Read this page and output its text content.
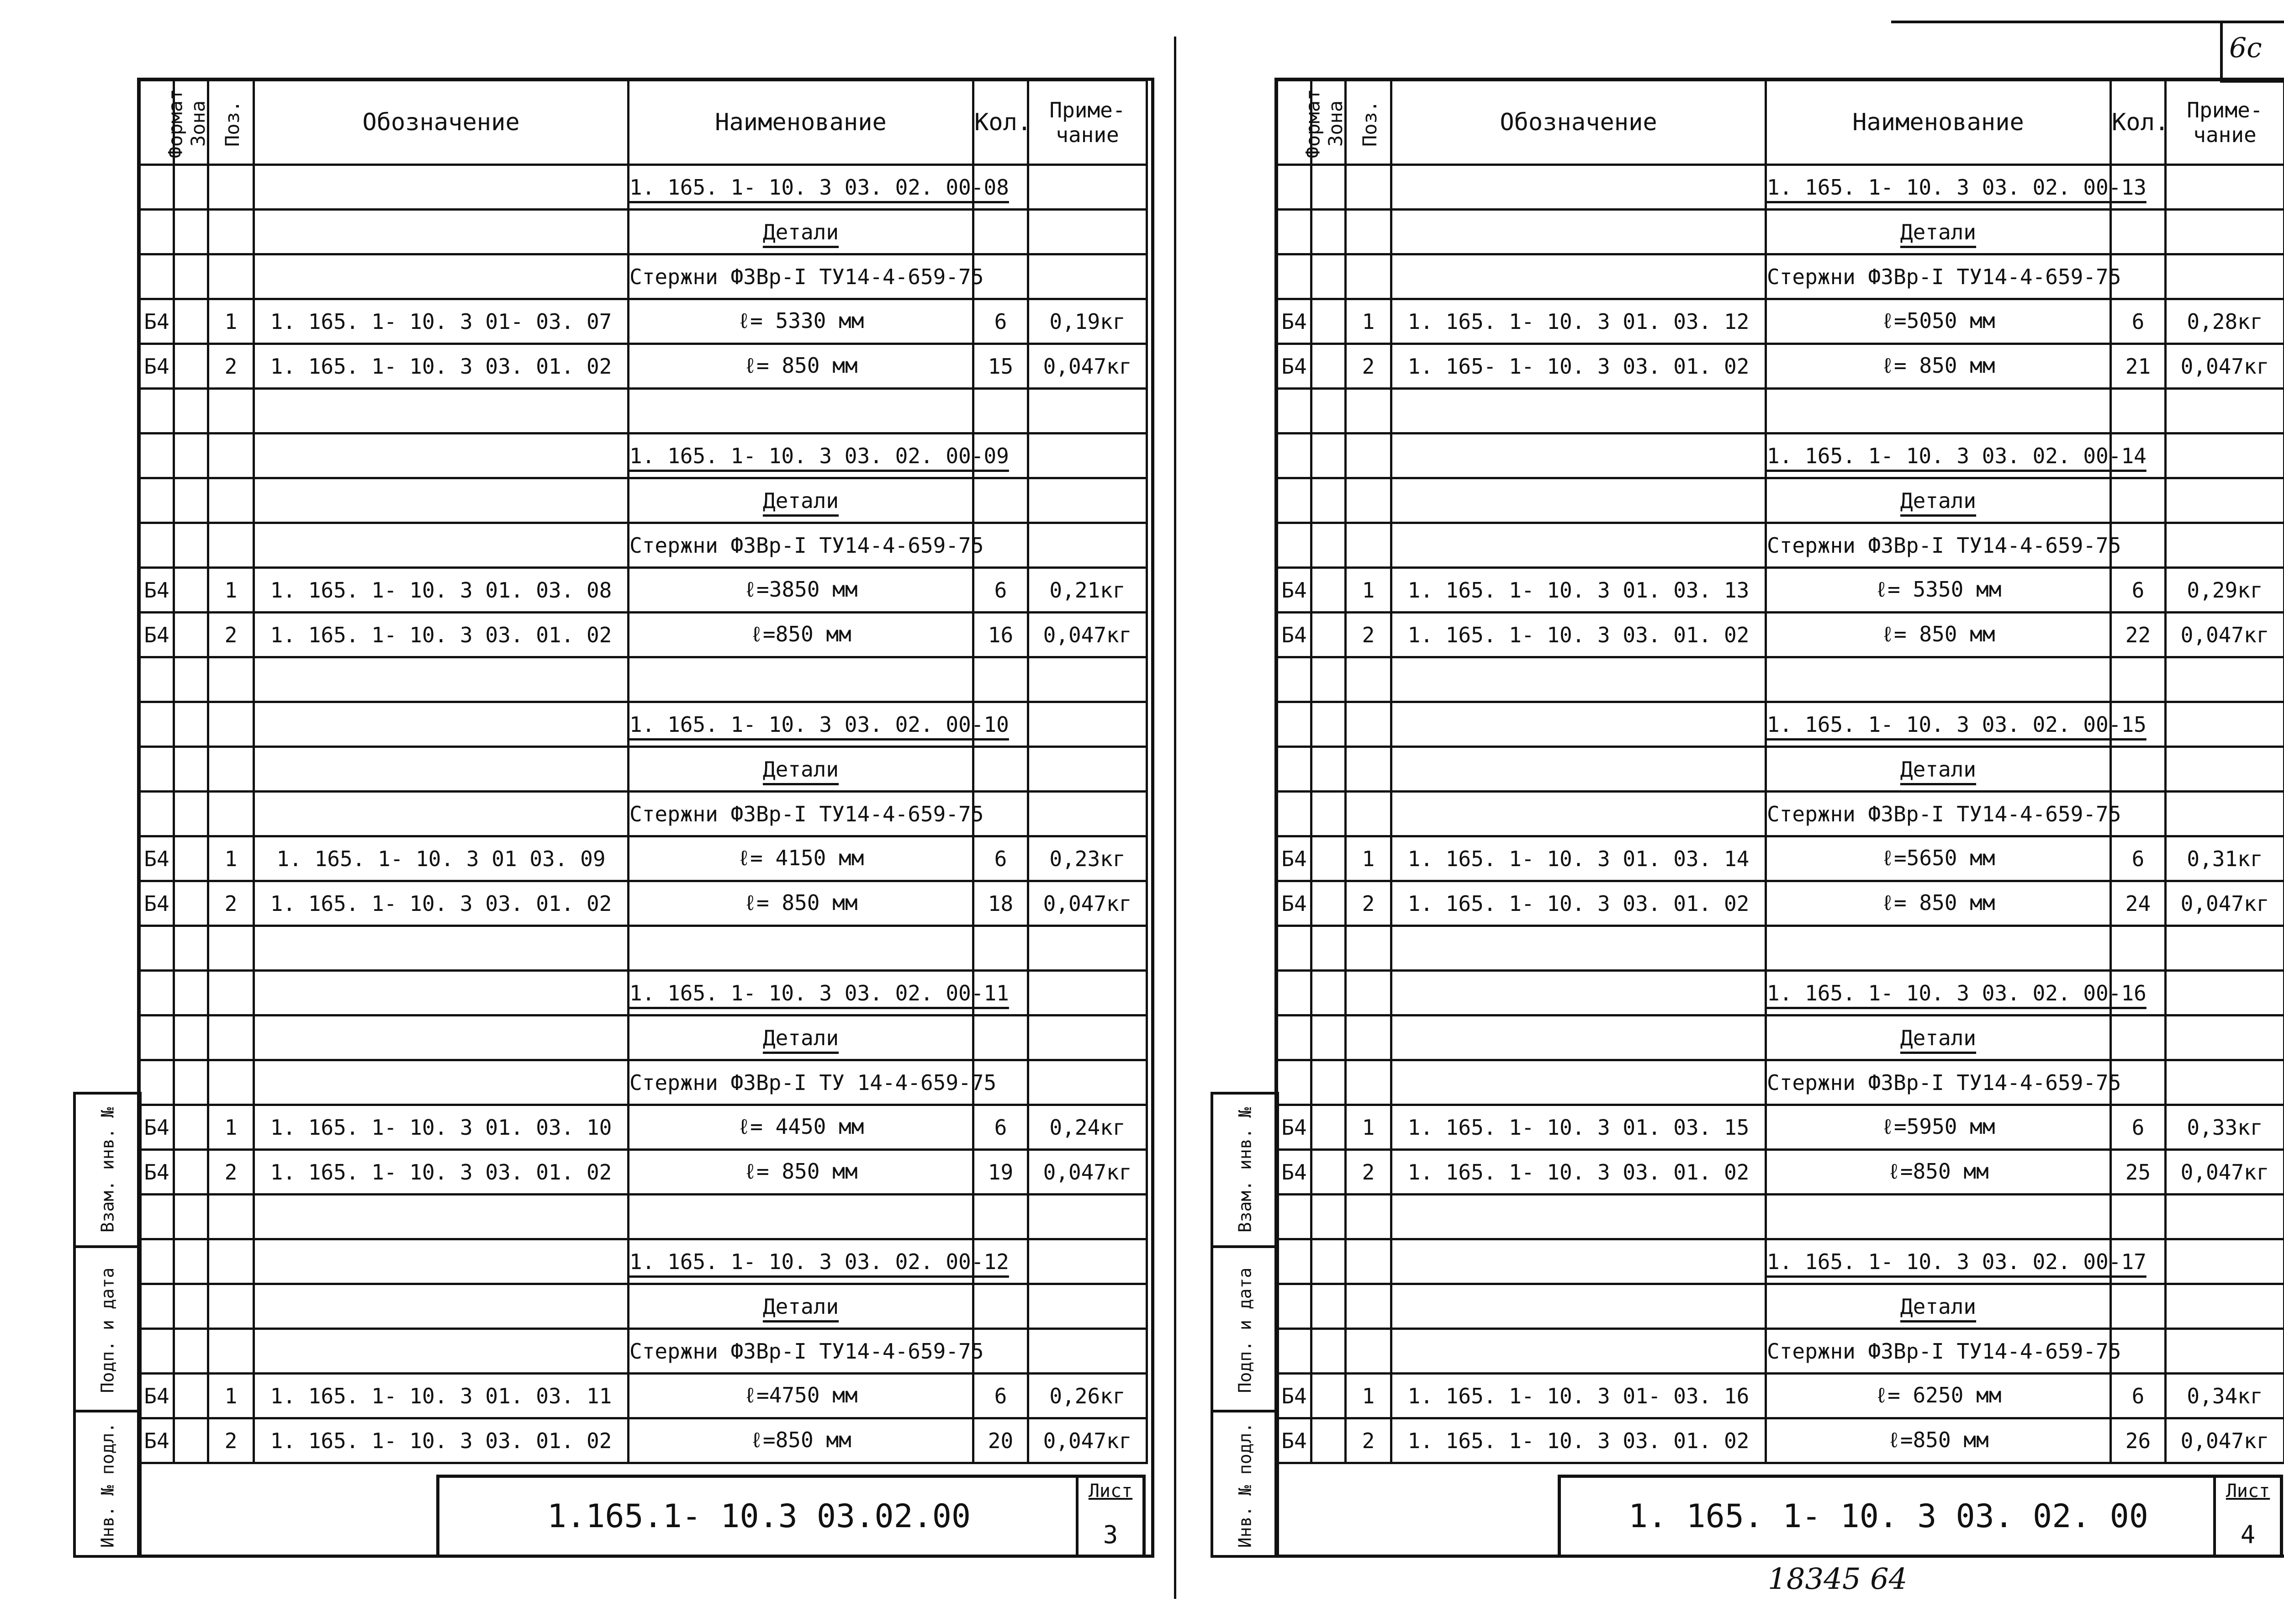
6с
Взам. инв. №
Подп. и дата
Инв. № подл.
Формат	Зона	Поз.	Обозначение	Наименование	Кол.	Приме-
чание
				1. 165. 1- 10. 3 03. 02. 00-08		
				Детали		
				Стержни Ф3Вр-I ТУ14-4-659-75		
Б4		1	1. 165. 1- 10. 3 01- 03. 07	ℓ= 5330 мм	6	0,19кг
Б4		2	1. 165. 1- 10. 3 03. 01. 02	ℓ= 850 мм	15	0,047кг

				1. 165. 1- 10. 3 03. 02. 00-09		
				Детали		
				Стержни Ф3Вр-I ТУ14-4-659-75		
Б4		1	1. 165. 1- 10. 3 01. 03. 08	ℓ=3850 мм	6	0,21кг
Б4		2	1. 165. 1- 10. 3 03. 01. 02	ℓ=850 мм	16	0,047кг

				1. 165. 1- 10. 3 03. 02. 00-10		
				Детали		
				Стержни Ф3Вр-I ТУ14-4-659-75		
Б4		1	1. 165. 1- 10. 3 01 03. 09	ℓ= 4150 мм	6	0,23кг
Б4		2	1. 165. 1- 10. 3 03. 01. 02	ℓ= 850 мм	18	0,047кг

				1. 165. 1- 10. 3 03. 02. 00-11		
				Детали		
				Стержни Ф3Вр-I ТУ 14-4-659-75		
Б4		1	1. 165. 1- 10. 3 01. 03. 10	ℓ= 4450 мм	6	0,24кг
Б4		2	1. 165. 1- 10. 3 03. 01. 02	ℓ= 850 мм	19	0,047кг

				1. 165. 1- 10. 3 03. 02. 00-12		
				Детали		
				Стержни Ф3Вр-I ТУ14-4-659-75		
Б4		1	1. 165. 1- 10. 3 01. 03. 11	ℓ=4750 мм	6	0,26кг
Б4		2	1. 165. 1- 10. 3 03. 01. 02	ℓ=850 мм	20	0,047кг
1.165.1- 10.3 03.02.00
Лист
3
Взам. инв. №
Подп. и дата
Инв. № подл.
Формат	Зона	Поз.	Обозначение	Наименование	Кол.	Приме-
чание
				1. 165. 1- 10. 3 03. 02. 00-13		
				Детали		
				Стержни Ф3Вр-I ТУ14-4-659-75		
Б4		1	1. 165. 1- 10. 3 01. 03. 12	ℓ=5050 мм	6	0,28кг
Б4		2	1. 165- 1- 10. 3 03. 01. 02	ℓ= 850 мм	21	0,047кг

				1. 165. 1- 10. 3 03. 02. 00-14		
				Детали		
				Стержни Ф3Вр-I ТУ14-4-659-75		
Б4		1	1. 165. 1- 10. 3 01. 03. 13	ℓ= 5350 мм	6	0,29кг
Б4		2	1. 165. 1- 10. 3 03. 01. 02	ℓ= 850 мм	22	0,047кг

				1. 165. 1- 10. 3 03. 02. 00-15		
				Детали		
				Стержни Ф3Вр-I ТУ14-4-659-75		
Б4		1	1. 165. 1- 10. 3 01. 03. 14	ℓ=5650 мм	6	0,31кг
Б4		2	1. 165. 1- 10. 3 03. 01. 02	ℓ= 850 мм	24	0,047кг

				1. 165. 1- 10. 3 03. 02. 00-16		
				Детали		
				Стержни Ф3Вр-I ТУ14-4-659-75		
Б4		1	1. 165. 1- 10. 3 01. 03. 15	ℓ=5950 мм	6	0,33кг
Б4		2	1. 165. 1- 10. 3 03. 01. 02	ℓ=850 мм	25	0,047кг

				1. 165. 1- 10. 3 03. 02. 00-17		
				Детали		
				Стержни Ф3Вр-I ТУ14-4-659-75		
Б4		1	1. 165. 1- 10. 3 01- 03. 16	ℓ= 6250 мм	6	0,34кг
Б4		2	1. 165. 1- 10. 3 03. 01. 02	ℓ=850 мм	26	0,047кг
1. 165. 1- 10. 3 03. 02. 00
Лист
4
18345 64
